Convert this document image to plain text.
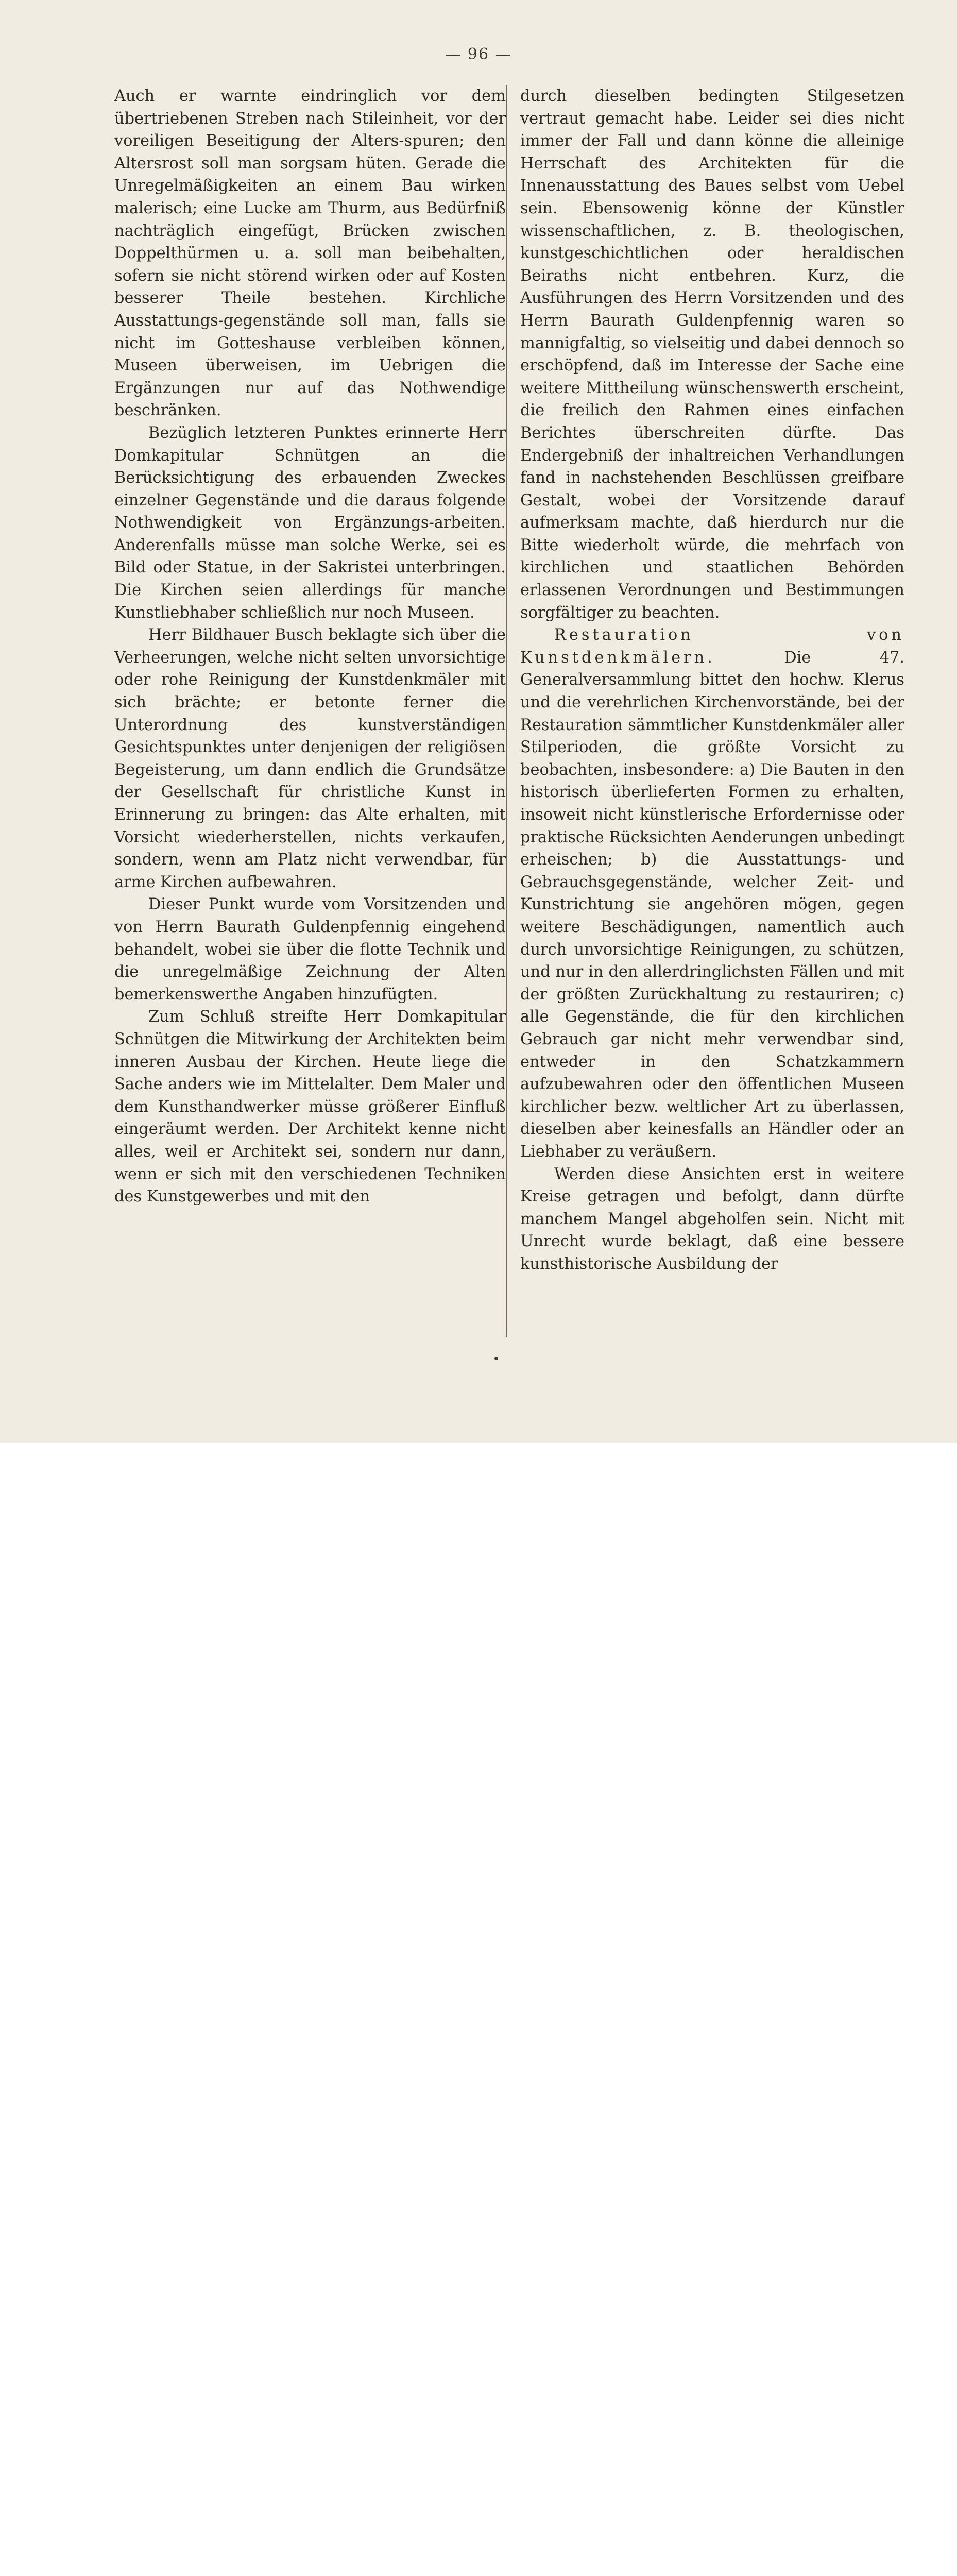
— 96 —

Auch er warnte eindringlich vor dem übertriebenen Streben nach Stileinheit, vor der voreiligen Beseitigung der Alters-spuren; den Altersrost soll man sorgsam hüten. Gerade die Unregelmäßigkeiten an einem Bau wirken malerisch; eine Lucke am Thurm, aus Bedürfniß nachträglich eingefügt, Brücken zwischen Doppelthürmen u. a. soll man beibehalten, sofern sie nicht störend wirken oder auf Kosten besserer Theile bestehen. Kirchliche Ausstattungs-gegenstände soll man, falls sie nicht im Gotteshause verbleiben können, Museen überweisen, im Uebrigen die Ergänzungen nur auf das Nothwendige beschränken.

Bezüglich letzteren Punktes erinnerte Herr Domkapitular Schnütgen an die Berücksichtigung des erbauenden Zweckes einzelner Gegenstände und die daraus folgende Nothwendigkeit von Ergänzungs-arbeiten. Anderenfalls müsse man solche Werke, sei es Bild oder Statue, in der Sakristei unterbringen. Die Kirchen seien allerdings für manche Kunstliebhaber schließlich nur noch Museen.

Herr Bildhauer Busch beklagte sich über die Verheerungen, welche nicht selten unvorsichtige oder rohe Reinigung der Kunstdenkmäler mit sich brächte; er betonte ferner die Unterordnung des kunstverständigen Gesichtspunktes unter denjenigen der religiösen Begeisterung, um dann endlich die Grundsätze der Gesellschaft für christliche Kunst in Erinnerung zu bringen: das Alte erhalten, mit Vorsicht wiederherstellen, nichts verkaufen, sondern, wenn am Platz nicht verwendbar, für arme Kirchen aufbewahren.

Dieser Punkt wurde vom Vorsitzenden und von Herrn Baurath Guldenpfennig eingehend behandelt, wobei sie über die flotte Technik und die unregelmäßige Zeichnung der Alten bemerkenswerthe Angaben hinzufügten.

Zum Schluß streifte Herr Domkapitular Schnütgen die Mitwirkung der Architekten beim inneren Ausbau der Kirchen. Heute liege die Sache anders wie im Mittelalter. Dem Maler und dem Kunsthandwerker müsse größerer Einfluß eingeräumt werden. Der Architekt kenne nicht alles, weil er Architekt sei, sondern nur dann, wenn er sich mit den verschiedenen Techniken des Kunstgewerbes und mit den

durch dieselben bedingten Stilgesetzen vertraut gemacht habe. Leider sei dies nicht immer der Fall und dann könne die alleinige Herrschaft des Architekten für die Innenausstattung des Baues selbst vom Uebel sein. Ebensowenig könne der Künstler wissenschaftlichen, z. B. theologischen, kunstgeschichtlichen oder heraldischen Beiraths nicht entbehren. Kurz, die Ausführungen des Herrn Vorsitzenden und des Herrn Baurath Guldenpfennig waren so mannigfaltig, so vielseitig und dabei dennoch so erschöpfend, daß im Interesse der Sache eine weitere Mittheilung wünschenswerth erscheint, die freilich den Rahmen eines einfachen Berichtes überschreiten dürfte. Das Endergebniß der inhaltreichen Verhandlungen fand in nachstehenden Beschlüssen greifbare Gestalt, wobei der Vorsitzende darauf aufmerksam machte, daß hierdurch nur die Bitte wiederholt würde, die mehrfach von kirchlichen und staatlichen Behörden erlassenen Verordnungen und Bestimmungen sorgfältiger zu beachten.

Restauration von Kunstdenkmälern. Die 47. Generalversammlung bittet den hochw. Klerus und die verehrlichen Kirchenvorstände, bei der Restauration sämmtlicher Kunstdenkmäler aller Stilperioden, die größte Vorsicht zu beobachten, insbesondere: a) Die Bauten in den historisch überlieferten Formen zu erhalten, insoweit nicht künstlerische Erfordernisse oder praktische Rücksichten Aenderungen unbedingt erheischen; b) die Ausstattungs- und Gebrauchsgegenstände, welcher Zeit- und Kunstrichtung sie angehören mögen, gegen weitere Beschädigungen, namentlich auch durch unvorsichtige Reinigungen, zu schützen, und nur in den allerdringlichsten Fällen und mit der größten Zurückhaltung zu restauriren; c) alle Gegenstände, die für den kirchlichen Gebrauch gar nicht mehr verwendbar sind, entweder in den Schatzkammern aufzubewahren oder den öffentlichen Museen kirchlicher bezw. weltlicher Art zu überlassen, dieselben aber keinesfalls an Händler oder an Liebhaber zu veräußern.

Werden diese Ansichten erst in weitere Kreise getragen und befolgt, dann dürfte manchem Mangel abgeholfen sein. Nicht mit Unrecht wurde beklagt, daß eine bessere kunsthistorische Ausbildung der
